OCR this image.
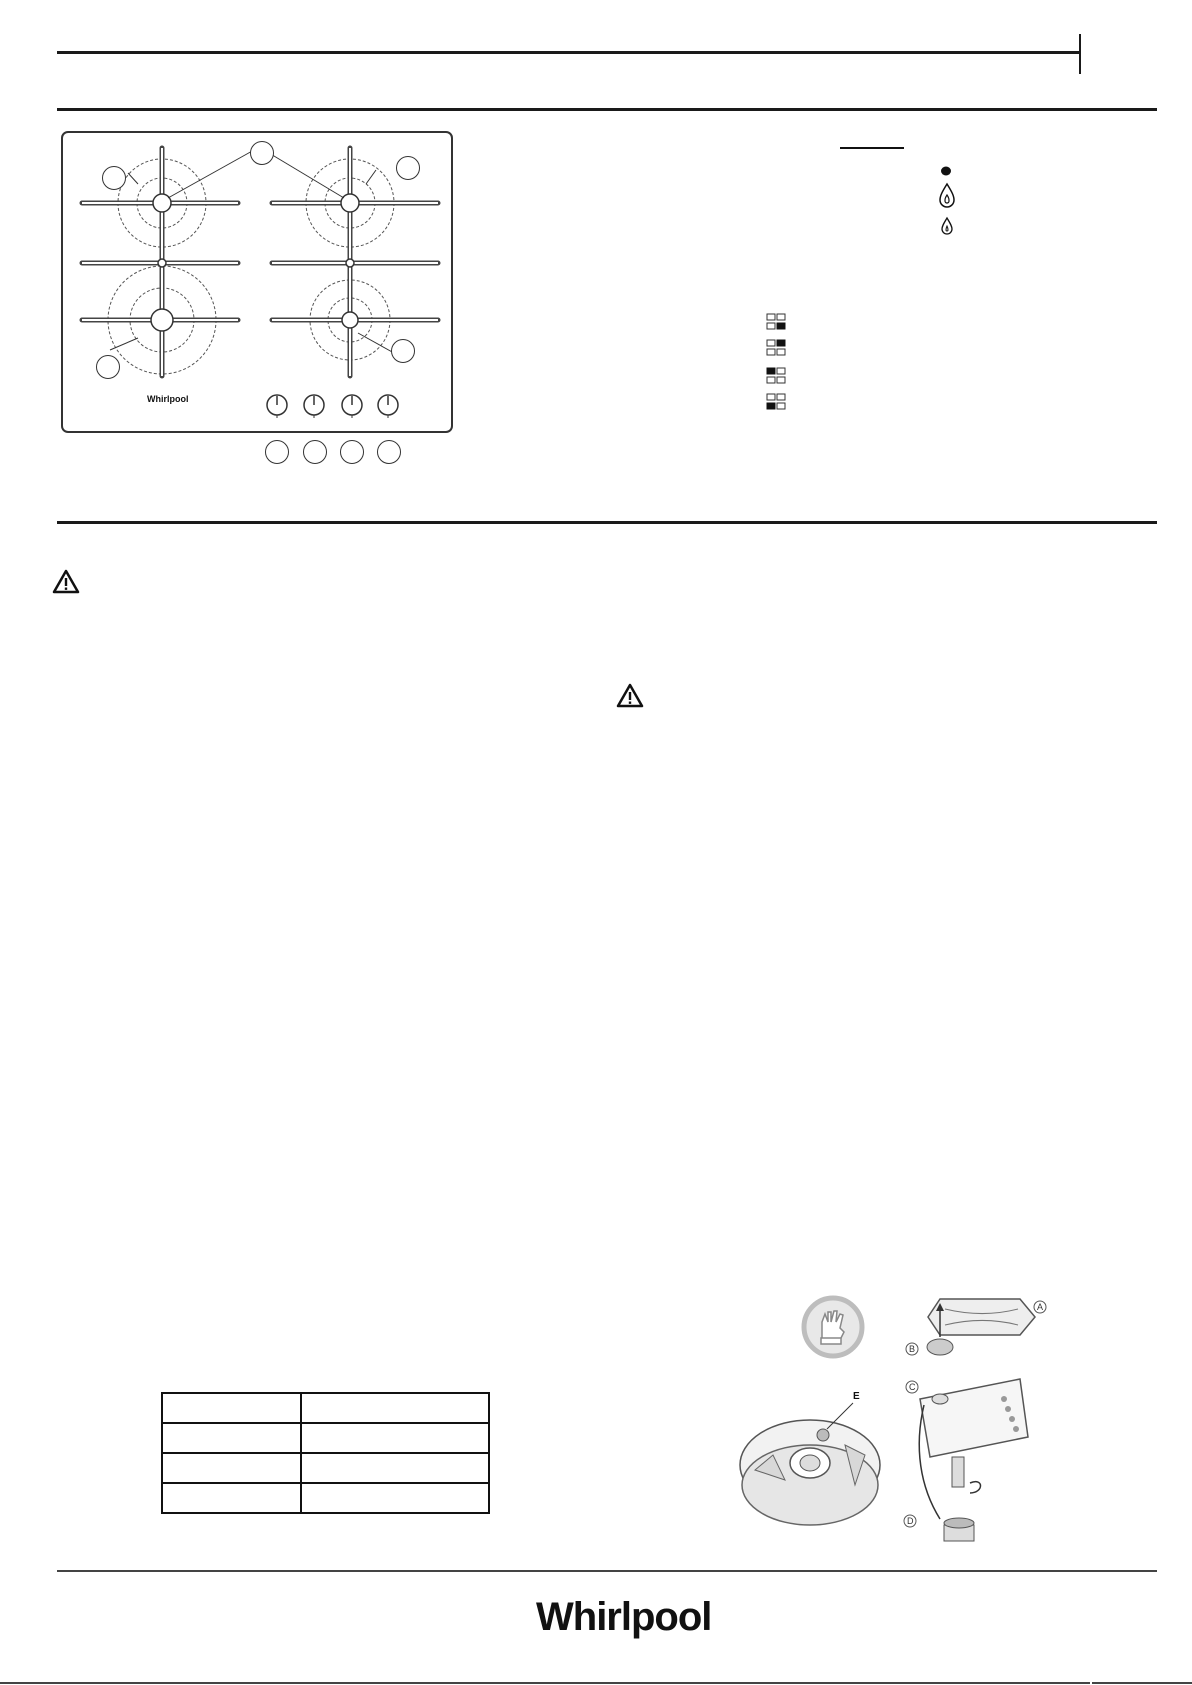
Whirlpool

E
A
B
C
D
Whirlpool
